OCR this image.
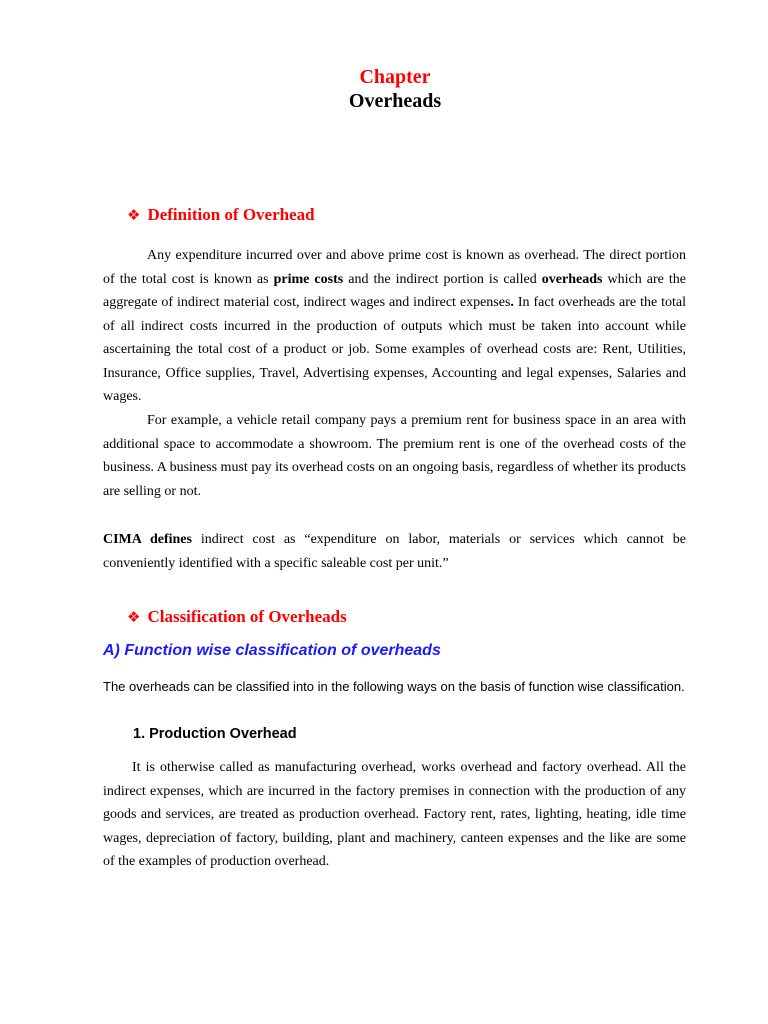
Chapter
Overheads
❖ Definition of Overhead

Any expenditure incurred over and above prime cost is known as overhead. The direct portion of the total cost is known as prime costs and the indirect portion is called overheads which are the aggregate of indirect material cost, indirect wages and indirect expenses. In fact overheads are the total of all indirect costs incurred in the production of outputs which must be taken into account while ascertaining the total cost of a product or job. Some examples of overhead costs are: Rent, Utilities, Insurance, Office supplies, Travel, Advertising expenses, Accounting and legal expenses, Salaries and wages.

For example, a vehicle retail company pays a premium rent for business space in an area with additional space to accommodate a showroom. The premium rent is one of the overhead costs of the business. A business must pay its overhead costs on an ongoing basis, regardless of whether its products are selling or not.

CIMA defines indirect cost as “expenditure on labor, materials or services which cannot be conveniently identified with a specific saleable cost per unit.”

❖ Classification of Overheads
A) Function wise classification of overheads

The overheads can be classified into in the following ways on the basis of function wise classification.

1. Production Overhead

It is otherwise called as manufacturing overhead, works overhead and factory overhead. All the indirect expenses, which are incurred in the factory premises in connection with the production of any goods and services, are treated as production overhead. Factory rent, rates, lighting, heating, idle time wages, depreciation of factory, building, plant and machinery, canteen expenses and the like are some of the examples of production overhead.
